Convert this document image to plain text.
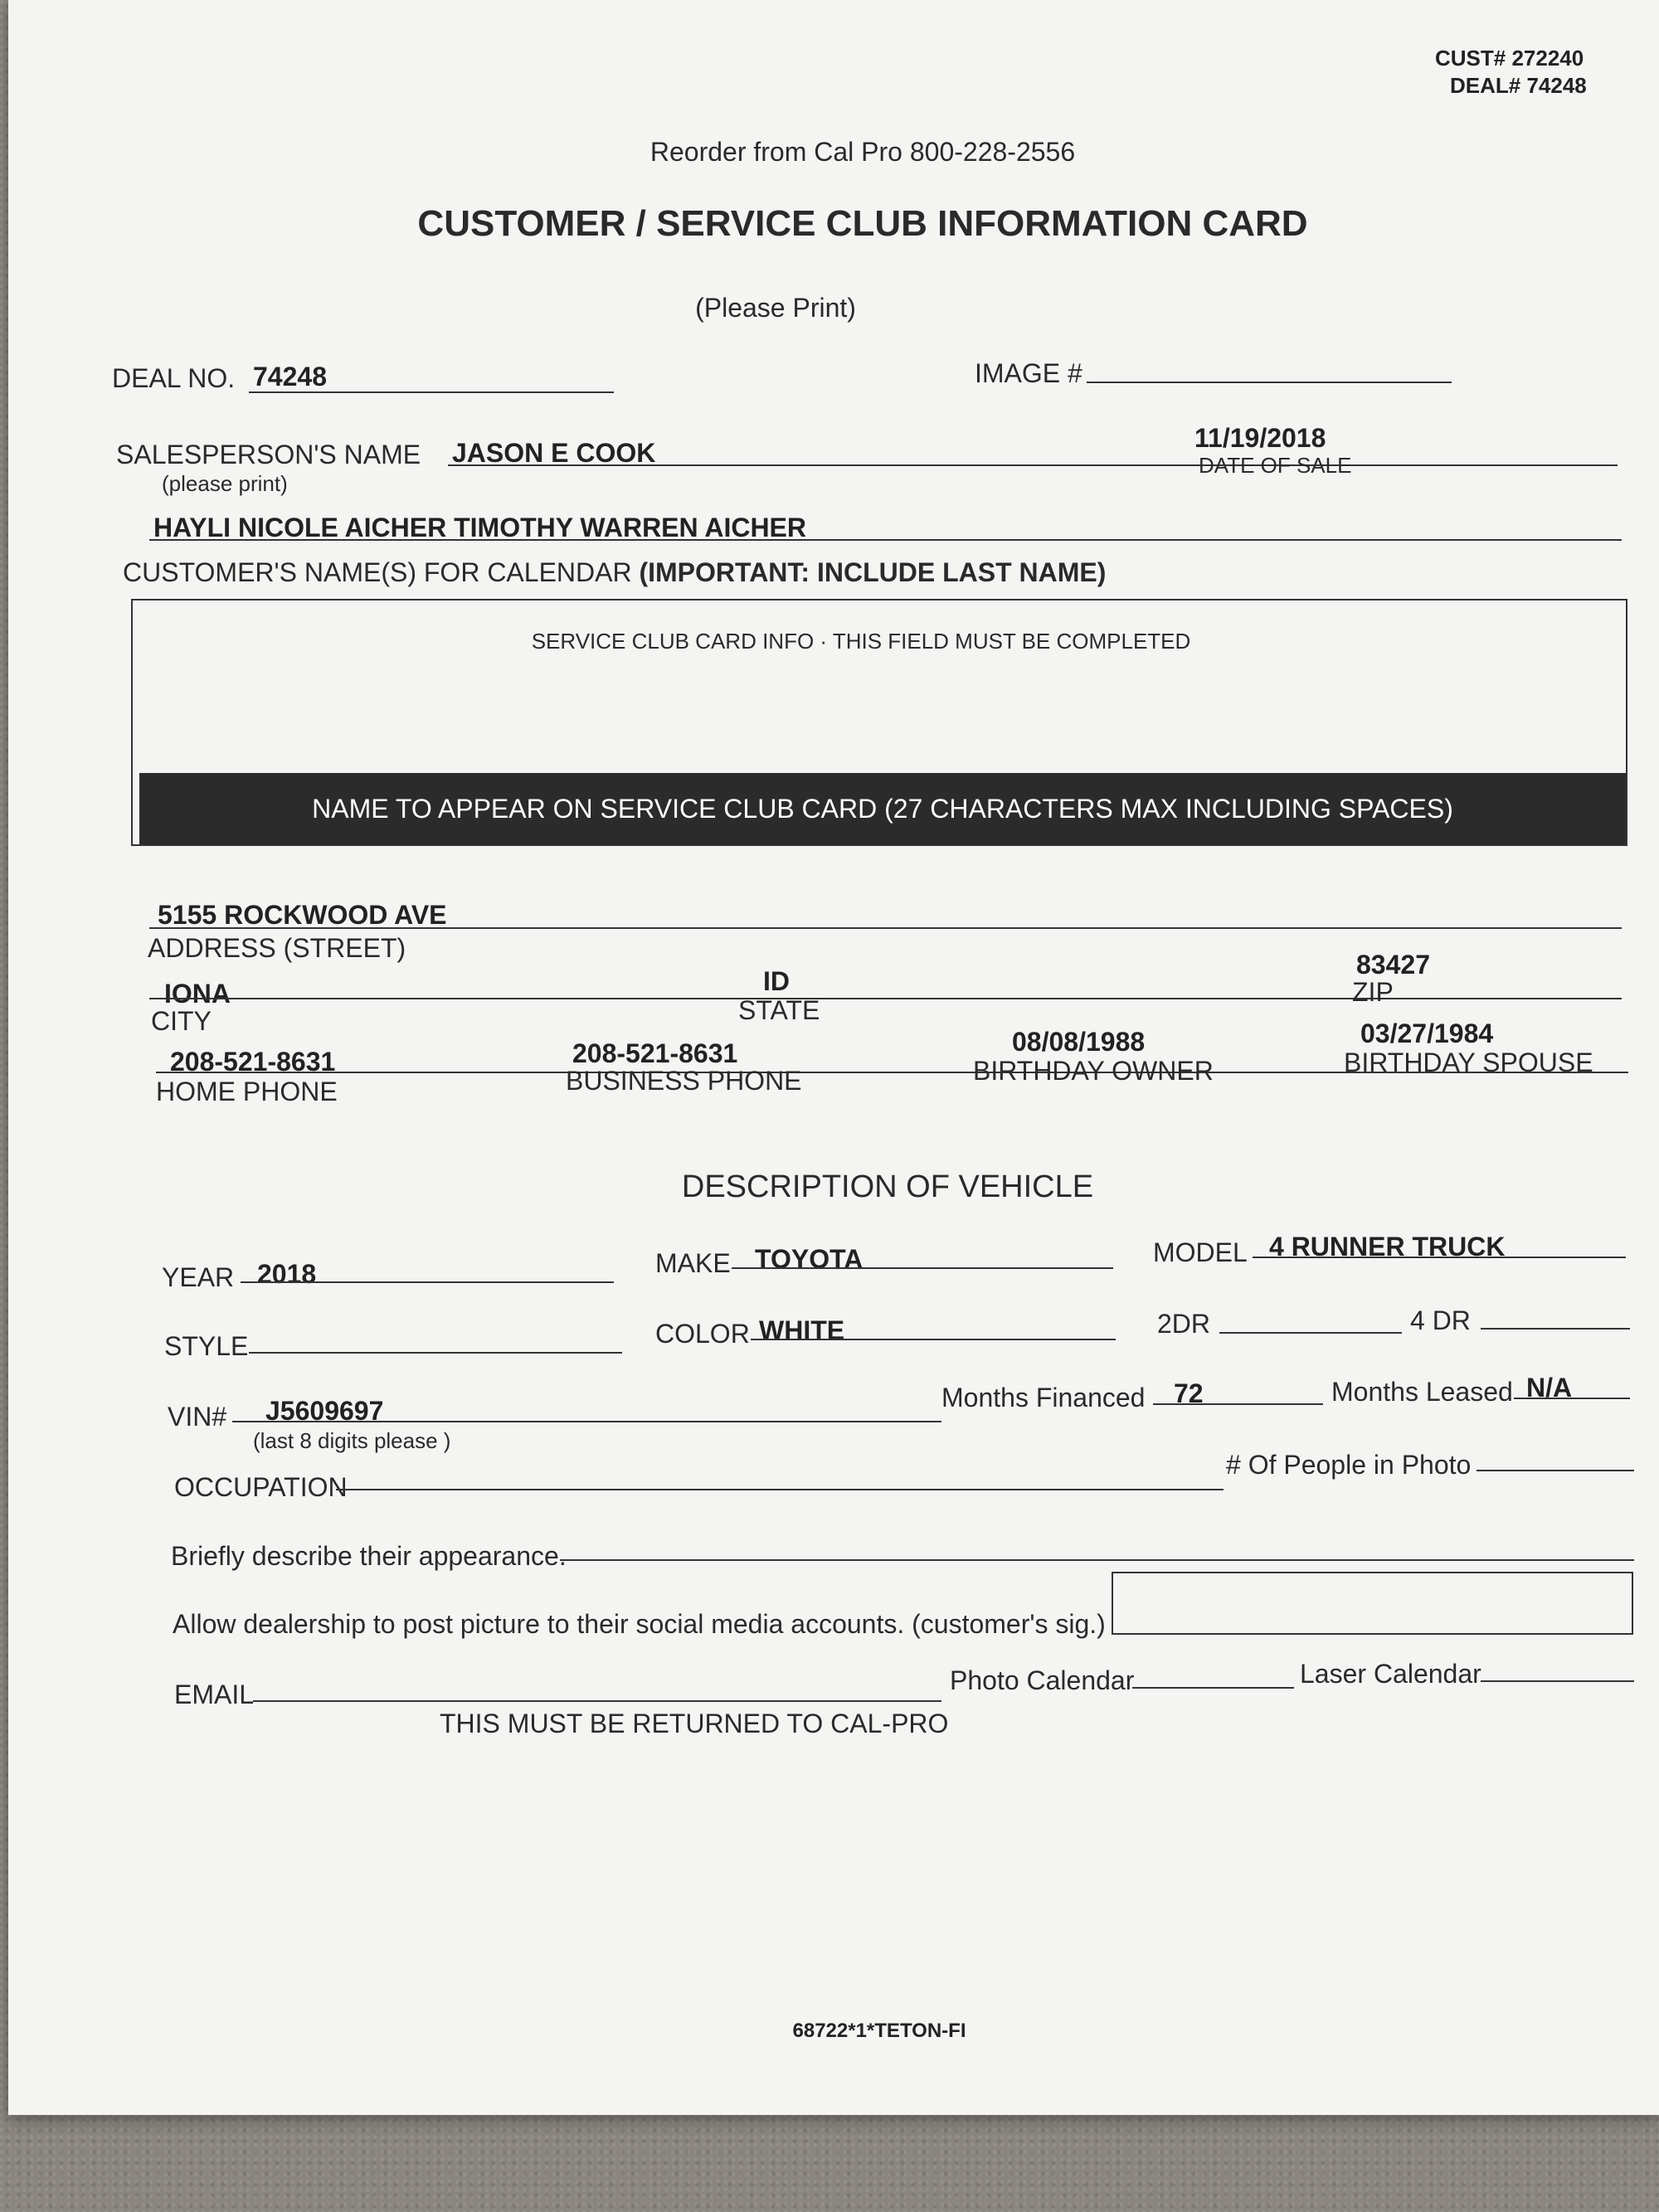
CUST# 272240
DEAL# 74248
Reorder from Cal Pro 800-228-2556
CUSTOMER / SERVICE CLUB INFORMATION CARD
(Please Print)
DEAL NO. 74248	IMAGE #
SALESPERSON'S NAME
(please print)
JASON E COOK	11/19/2018
DATE OF SALE
HAYLI NICOLE AICHER TIMOTHY WARREN AICHER
CUSTOMER'S NAME(S) FOR CALENDAR (IMPORTANT: INCLUDE LAST NAME)
SERVICE CLUB CARD INFO · THIS FIELD MUST BE COMPLETED
NAME TO APPEAR ON SERVICE CLUB CARD (27 CHARACTERS MAX INCLUDING SPACES)
5155 ROCKWOOD AVE
ADDRESS (STREET)
IONA	ID
83427
CITY	STATE
ZIP
208-521-8631	208-521-8631	08/08/1988	03/27/1984
HOME PHONE	BUSINESS PHONE	BIRTHDAY OWNER	BIRTHDAY SPOUSE
DESCRIPTION OF VEHICLE
YEAR 2018	MAKE TOYOTA	MODEL 4 RUNNER TRUCK
STYLE	COLOR WHITE	2DR	4 DR
VIN# J5609697
(last 8 digits please )
Months Financed 72	Months Leased N/A
OCCUPATION
# Of People in Photo
Briefly describe their appearance.
Allow dealership to post picture to their social media accounts. (customer's sig.)
EMAIL	Photo Calendar	Laser Calendar
THIS MUST BE RETURNED TO CAL-PRO
68722*1*TETON-FI
